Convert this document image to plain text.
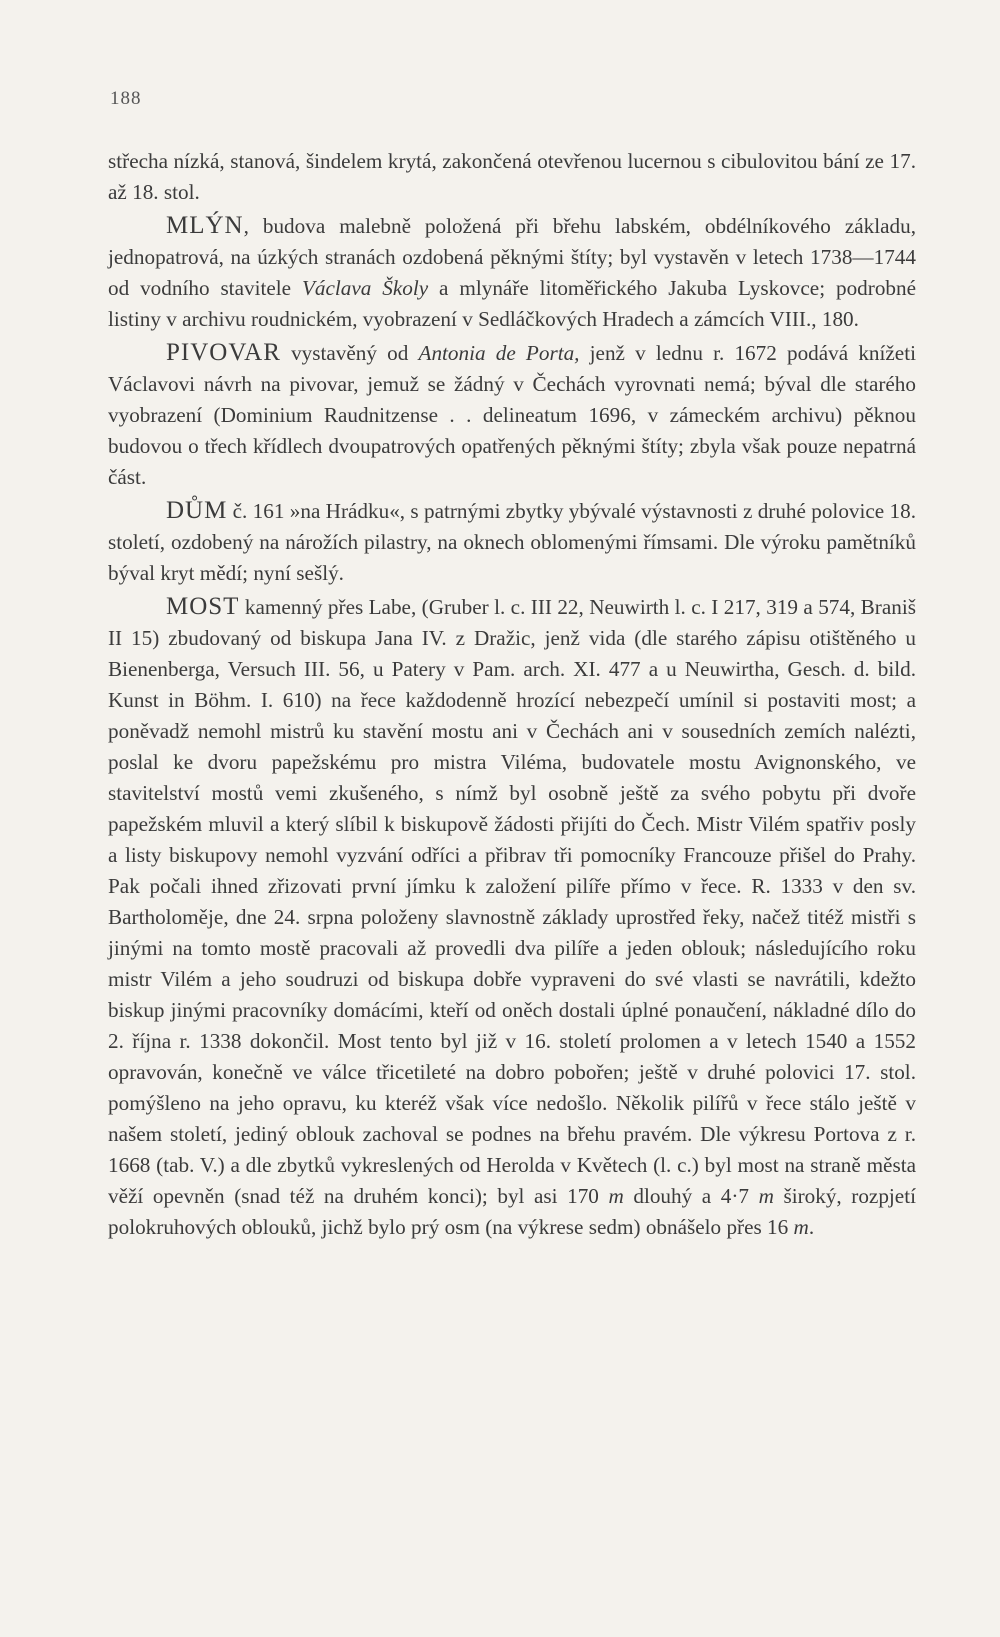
188

střecha nízká, stanová, šindelem krytá, zakončená otevřenou lucernou s cibulovitou bání ze 17. až 18. stol.

MLÝN, budova malebně položená při břehu labském, obdélníkového základu, jednopatrová, na úzkých stranách ozdobená pěknými štíty; byl vystavěn v letech 1738—1744 od vodního stavitele Václava Školy a mlynáře litoměřického Jakuba Lyskovce; podrobné listiny v archivu roudnickém, vyobrazení v Sedláčkových Hradech a zámcích VIII., 180.

PIVOVAR vystavěný od Antonia de Porta, jenž v lednu r. 1672 podává knížeti Václavovi návrh na pivovar, jemuž se žádný v Čechách vyrovnati nemá; býval dle starého vyobrazení (Dominium Raudnitzense . . delineatum 1696, v zámeckém archivu) pěknou budovou o třech křídlech dvoupatrových opatřených pěknými štíty; zbyla však pouze nepatrná část.

DŮM č. 161 »na Hrádku«, s patrnými zbytky ybývalé výstavnosti z druhé polovice 18. století, ozdobený na nárožích pilastry, na oknech oblomenými římsami. Dle výroku pamětníků býval kryt mědí; nyní sešlý.

MOST kamenný přes Labe, (Gruber l. c. III 22, Neuwirth l. c. I 217, 319 a 574, Braniš II 15) zbudovaný od biskupa Jana IV. z Dražic, jenž vida (dle starého zápisu otištěného u Bienenberga, Versuch III. 56, u Patery v Pam. arch. XI. 477 a u Neuwirtha, Gesch. d. bild. Kunst in Böhm. I. 610) na řece každodenně hrozící nebezpečí umínil si postaviti most; a poněvadž nemohl mistrů ku stavění mostu ani v Čechách ani v sousedních zemích nalézti, poslal ke dvoru papežskému pro mistra Viléma, budovatele mostu Avignonského, ve stavitelství mostů vemi zkušeného, s nímž byl osobně ještě za svého pobytu při dvoře papežském mluvil a který slíbil k biskupově žádosti přijíti do Čech. Mistr Vilém spatřiv posly a listy biskupovy nemohl vyzvání odříci a přibrav tři pomocníky Francouze přišel do Prahy. Pak počali ihned zřizovati první jímku k založení pilíře přímo v řece. R. 1333 v den sv. Bartholoměje, dne 24. srpna položeny slavnostně základy uprostřed řeky, načež titéž mistři s jinými na tomto mostě pracovali až provedli dva pilíře a jeden oblouk; následujícího roku mistr Vilém a jeho soudruzi od biskupa dobře vypraveni do své vlasti se navrátili, kdežto biskup jinými pracovníky domácími, kteří od oněch dostali úplné ponaučení, nákladné dílo do 2. října r. 1338 dokončil. Most tento byl již v 16. století prolomen a v letech 1540 a 1552 opravován, konečně ve válce třicetileté na dobro pobořen; ještě v druhé polovici 17. stol. pomýšleno na jeho opravu, ku kteréž však více nedošlo. Několik pilířů v řece stálo ještě v našem století, jediný oblouk zachoval se podnes na břehu pravém. Dle výkresu Portova z r. 1668 (tab. V.) a dle zbytků vykreslených od Herolda v Květech (l. c.) byl most na straně města věží opevněn (snad též na druhém konci); byl asi 170 m dlouhý a 4·7 m široký, rozpjetí polokruhových oblouků, jichž bylo prý osm (na výkrese sedm) obnášelo přes 16 m.
